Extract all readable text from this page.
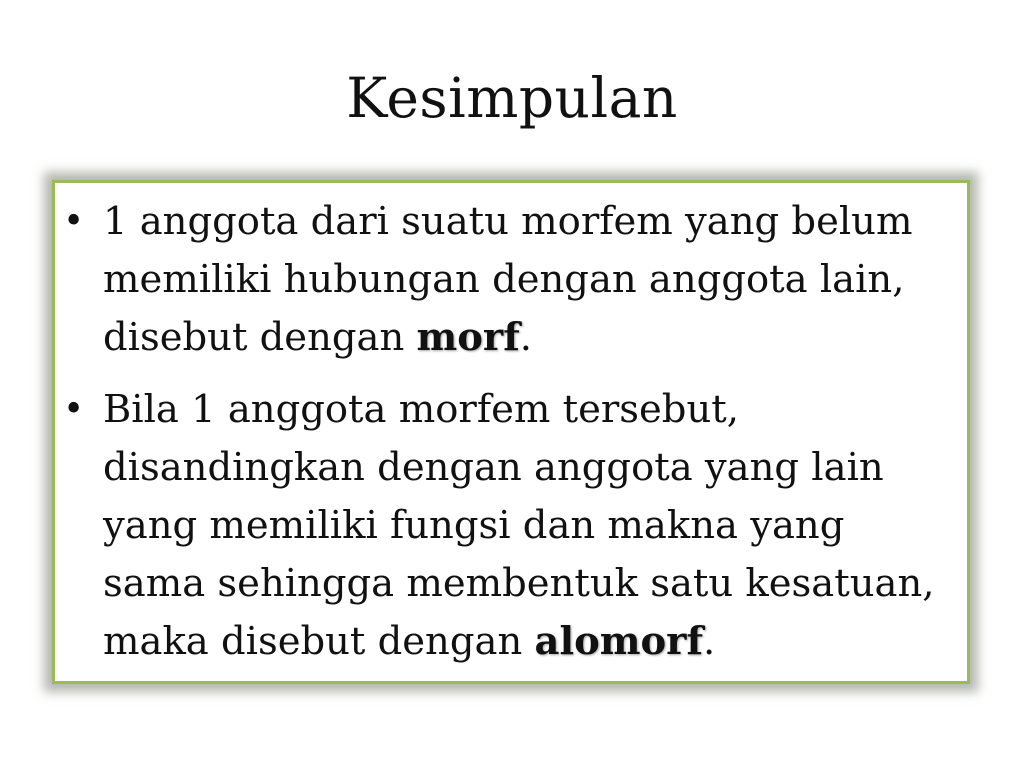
Kesimpulan
• 1 anggota dari suatu morfem yang belum memiliki hubungan dengan anggota lain, disebut dengan morf.
• Bila 1 anggota morfem tersebut, disandingkan dengan anggota yang lain yang memiliki fungsi dan makna yang sama sehingga membentuk satu kesatuan, maka disebut dengan alomorf.
